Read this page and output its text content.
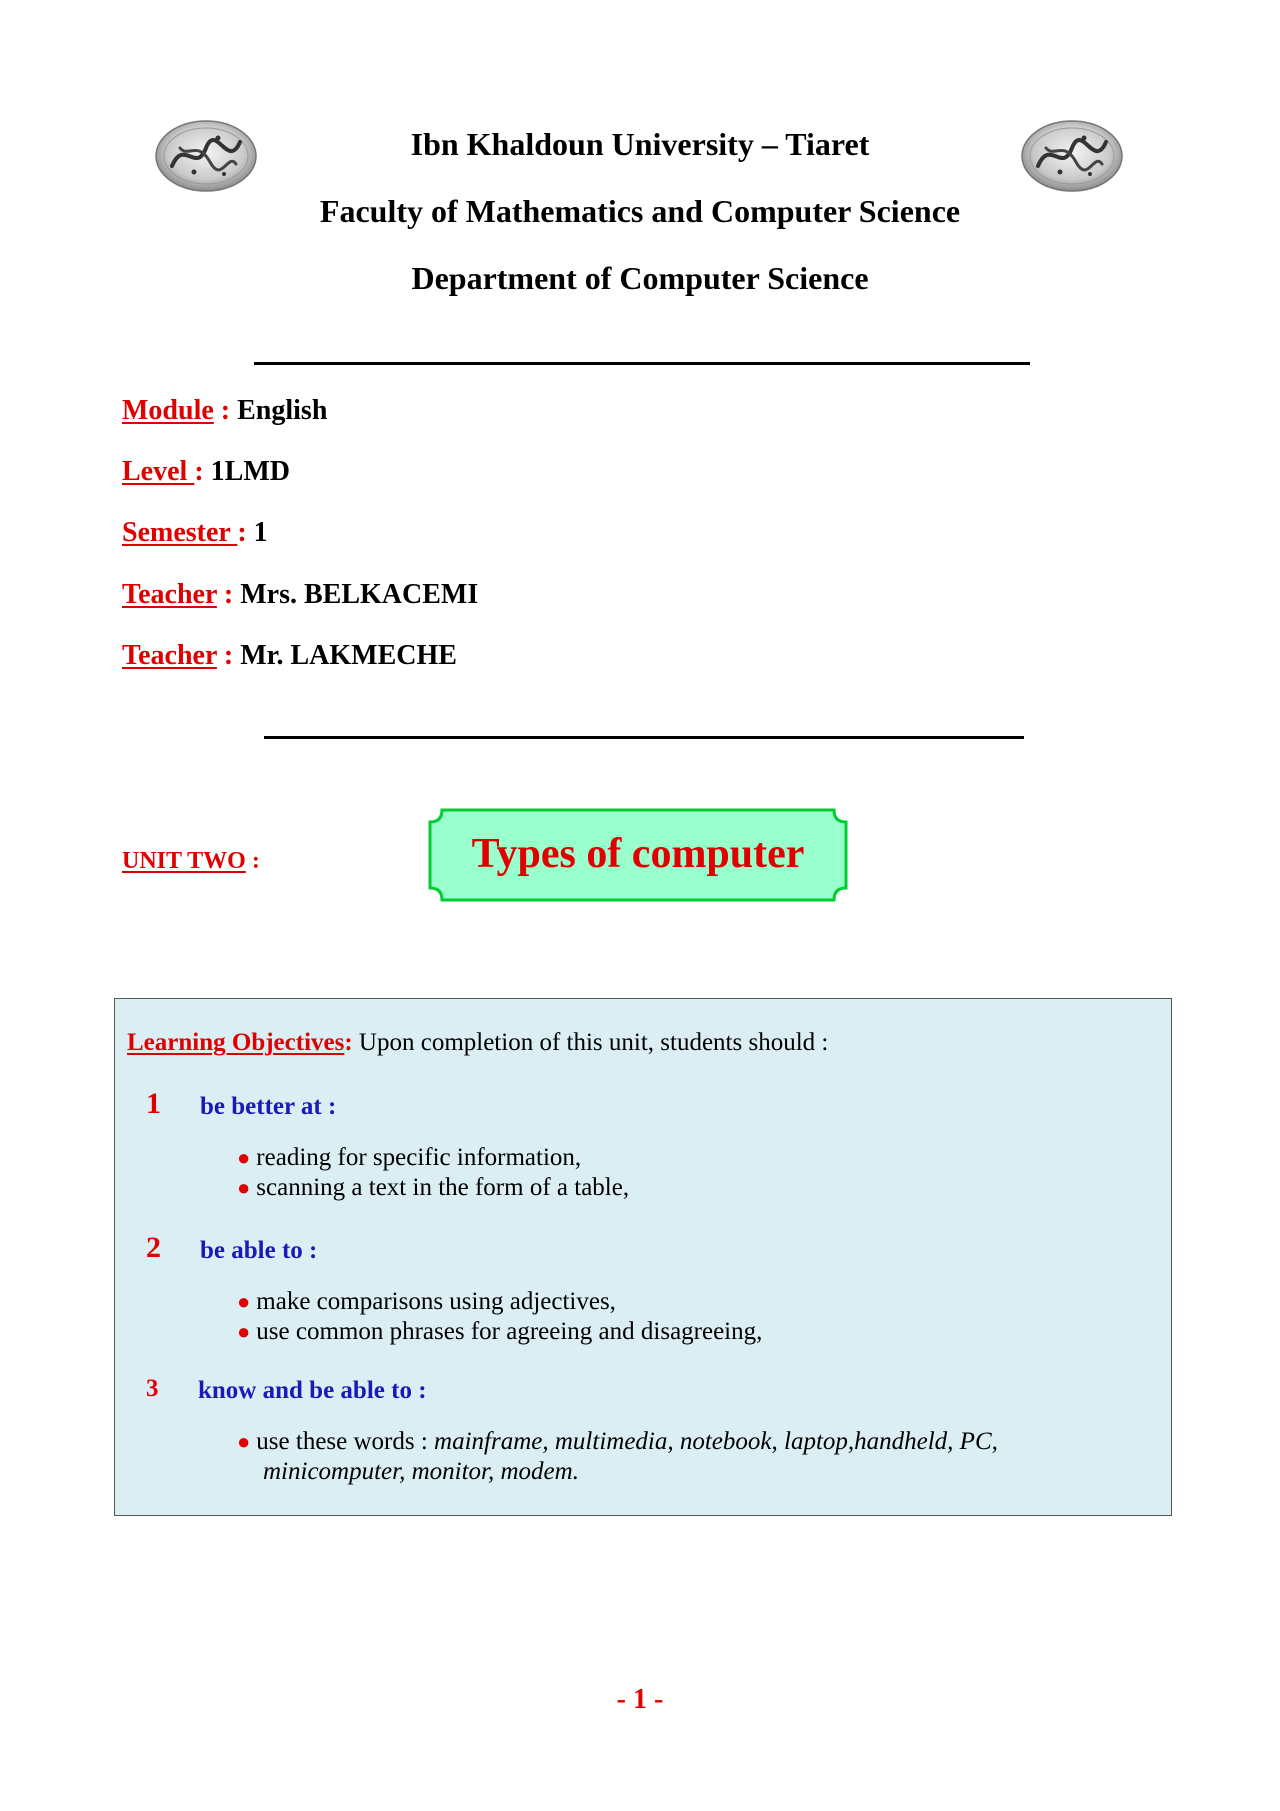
Ibn Khaldoun University – Tiaret
Faculty of Mathematics and Computer Science
Department of Computer Science
Module : English
Level : 1LMD
Semester : 1
Teacher : Mrs. BELKACEMI
Teacher : Mr. LAKMECHE
UNIT TWO :	Types of computer
Learning Objectives: Upon completion of this unit, students should :
1 be better at :
● reading for specific information,
● scanning a text in the form of a table,
2 be able to :
● make comparisons using adjectives,
● use common phrases for agreeing and disagreeing,
3 know and be able to :
● use these words : mainframe, multimedia, notebook, laptop,handheld, PC,
minicomputer, monitor, modem.
- 1 -
